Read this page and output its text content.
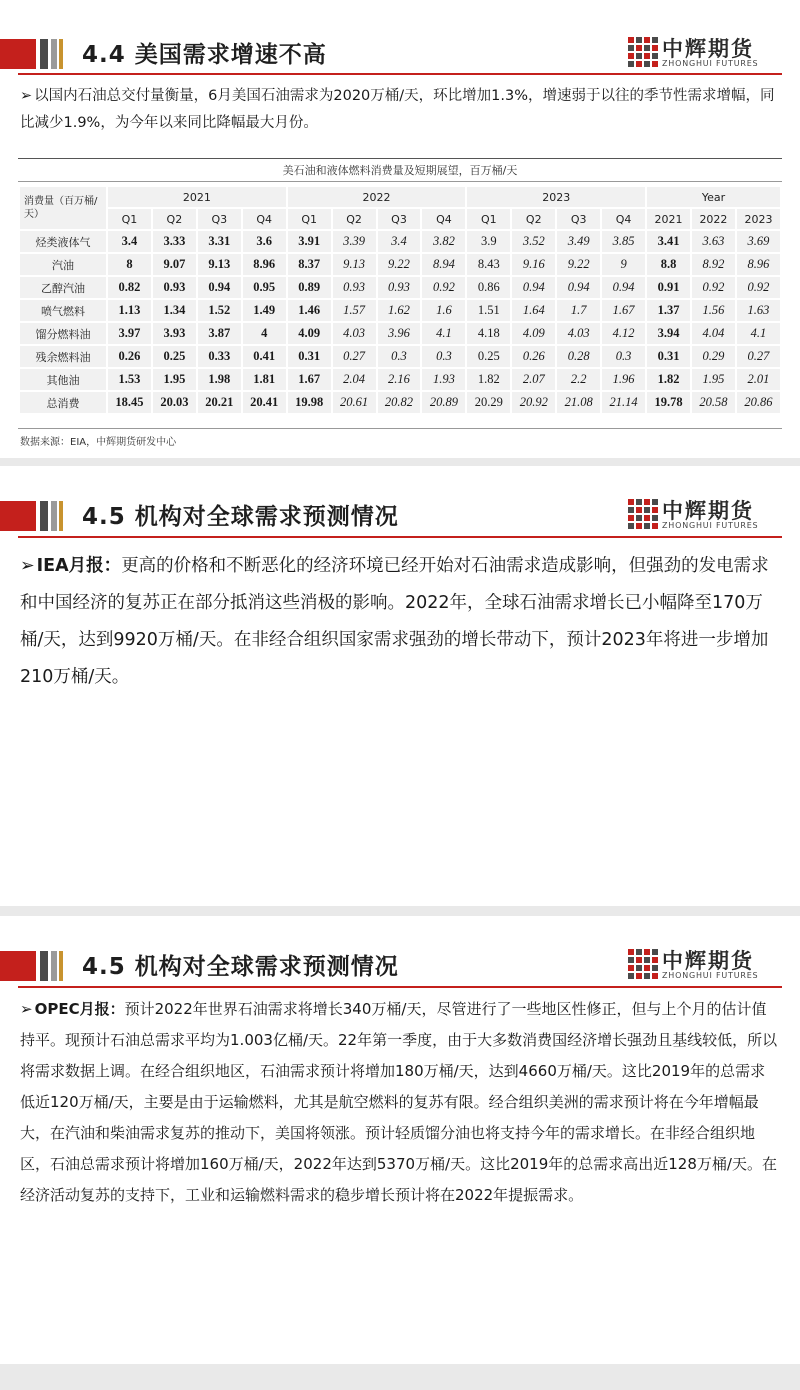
4.4 美国需求增速不高	中辉期货
ZHONGHUI FUTURES
➢ 以国内石油总交付量衡量，6月美国石油需求为2020万桶/天，环比增加1.3%，增速弱于以往的季节性需求增幅，同比减少1.9%，为今年以来同比降幅最大月份。
美石油和液体燃料消费量及短期展望，百万桶/天
消费量（百万桶/天）	2021				2022				2023				Year		
	Q1	Q2	Q3	Q4	Q1	Q2	Q3	Q4	Q1	Q2	Q3	Q4	2021	2022	2023
烃类液体气	3.4	3.33	3.31	3.6	3.91	3.39	3.4	3.82	3.9	3.52	3.49	3.85	3.41	3.63	3.69
汽油	8	9.07	9.13	8.96	8.37	9.13	9.22	8.94	8.43	9.16	9.22	9	8.8	8.92	8.96
乙醇汽油	0.82	0.93	0.94	0.95	0.89	0.93	0.93	0.92	0.86	0.94	0.94	0.94	0.91	0.92	0.92
喷气燃料	1.13	1.34	1.52	1.49	1.46	1.57	1.62	1.6	1.51	1.64	1.7	1.67	1.37	1.56	1.63
馏分燃料油	3.97	3.93	3.87	4	4.09	4.03	3.96	4.1	4.18	4.09	4.03	4.12	3.94	4.04	4.1
残余燃料油	0.26	0.25	0.33	0.41	0.31	0.27	0.3	0.3	0.25	0.26	0.28	0.3	0.31	0.29	0.27
其他油	1.53	1.95	1.98	1.81	1.67	2.04	2.16	1.93	1.82	2.07	2.2	1.96	1.82	1.95	2.01
总消费	18.45	20.03	20.21	20.41	19.98	20.61	20.82	20.89	20.29	20.92	21.08	21.14	19.78	20.58	20.86
数据来源：EIA，中辉期货研发中心
4.5 机构对全球需求预测情况	中辉期货
ZHONGHUI FUTURES
➢ IEA月报：更高的价格和不断恶化的经济环境已经开始对石油需求造成影响，但强劲的发电需求和中国经济的复苏正在部分抵消这些消极的影响。2022年，全球石油需求增长已小幅降至170万桶/天，达到9920万桶/天。在非经合组织国家需求强劲的增长带动下，预计2023年将进一步增加210万桶/天。
4.5 机构对全球需求预测情况	中辉期货
ZHONGHUI FUTURES
➢ OPEC月报：预计2022年世界石油需求将增长340万桶/天，尽管进行了一些地区性修正，但与上个月的估计值持平。现预计石油总需求平均为1.003亿桶/天。22年第一季度，由于大多数消费国经济增长强劲且基线较低，所以将需求数据上调。在经合组织地区，石油需求预计将增加180万桶/天，达到4660万桶/天。这比2019年的总需求低近120万桶/天，主要是由于运输燃料，尤其是航空燃料的复苏有限。经合组织美洲的需求预计将在今年增幅最大，在汽油和柴油需求复苏的推动下，美国将领涨。预计轻质馏分油也将支持今年的需求增长。在非经合组织地区，石油总需求预计将增加160万桶/天，2022年达到5370万桶/天。这比2019年的总需求高出近128万桶/天。在经济活动复苏的支持下，工业和运输燃料需求的稳步增长预计将在2022年提振需求。
